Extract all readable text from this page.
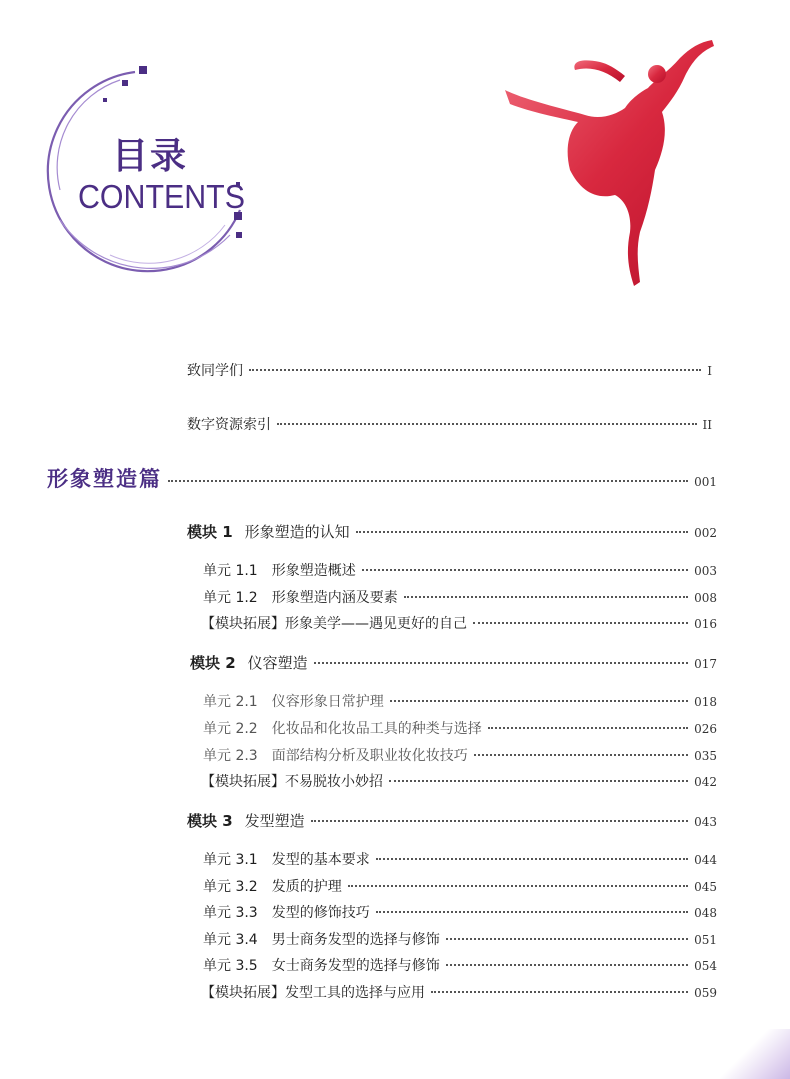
目录
CONTENTS
致同学们	I
数字资源索引	II
形象塑造篇	001
模块 1 形象塑造的认知	002
单元 1.1 形象塑造概述	003
单元 1.2 形象塑造内涵及要素	008
【模块拓展】形象美学——遇见更好的自己	016
模块 2 仪容塑造	017
单元 2.1 仪容形象日常护理	018
单元 2.2 化妆品和化妆品工具的种类与选择	026
单元 2.3 面部结构分析及职业妆化妆技巧	035
【模块拓展】不易脱妆小妙招	042
模块 3 发型塑造	043
单元 3.1 发型的基本要求	044
单元 3.2 发质的护理	045
单元 3.3 发型的修饰技巧	048
单元 3.4 男士商务发型的选择与修饰	051
单元 3.5 女士商务发型的选择与修饰	054
【模块拓展】发型工具的选择与应用	059
